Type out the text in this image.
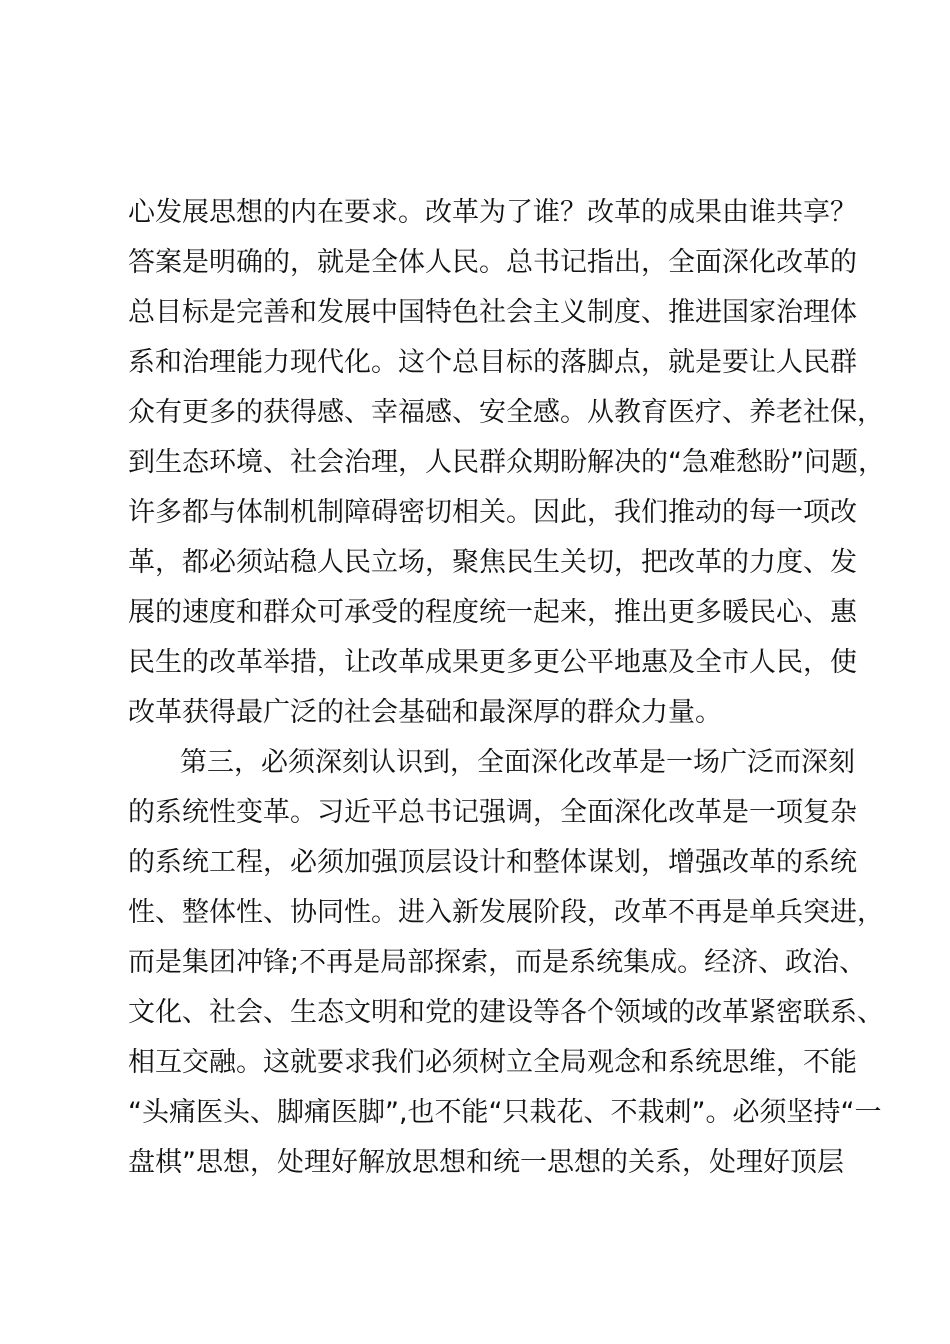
心发展思想的内在要求。改革为了谁？改革的成果由谁共享？
答案是明确的，就是全体人民。总书记指出，全面深化改革的
总目标是完善和发展中国特色社会主义制度、推进国家治理体
系和治理能力现代化。这个总目标的落脚点，就是要让人民群
众有更多的获得感、幸福感、安全感。从教育医疗、养老社保，
到生态环境、社会治理，人民群众期盼解决的“急难愁盼”问题，
许多都与体制机制障碍密切相关。因此，我们推动的每一项改
革，都必须站稳人民立场，聚焦民生关切，把改革的力度、发
展的速度和群众可承受的程度统一起来，推出更多暖民心、惠
民生的改革举措，让改革成果更多更公平地惠及全市人民，使
改革获得最广泛的社会基础和最深厚的群众力量。
第三，必须深刻认识到，全面深化改革是一场广泛而深刻
的系统性变革。习近平总书记强调，全面深化改革是一项复杂
的系统工程，必须加强顶层设计和整体谋划，增强改革的系统
性、整体性、协同性。进入新发展阶段，改革不再是单兵突进，
而是集团冲锋;不再是局部探索，而是系统集成。经济、政治、
文化、社会、生态文明和党的建设等各个领域的改革紧密联系、
相互交融。这就要求我们必须树立全局观念和系统思维，不能
“头痛医头、脚痛医脚”,也不能“只栽花、不栽刺”。必须坚持“一
盘棋”思想，处理好解放思想和统一思想的关系，处理好顶层
